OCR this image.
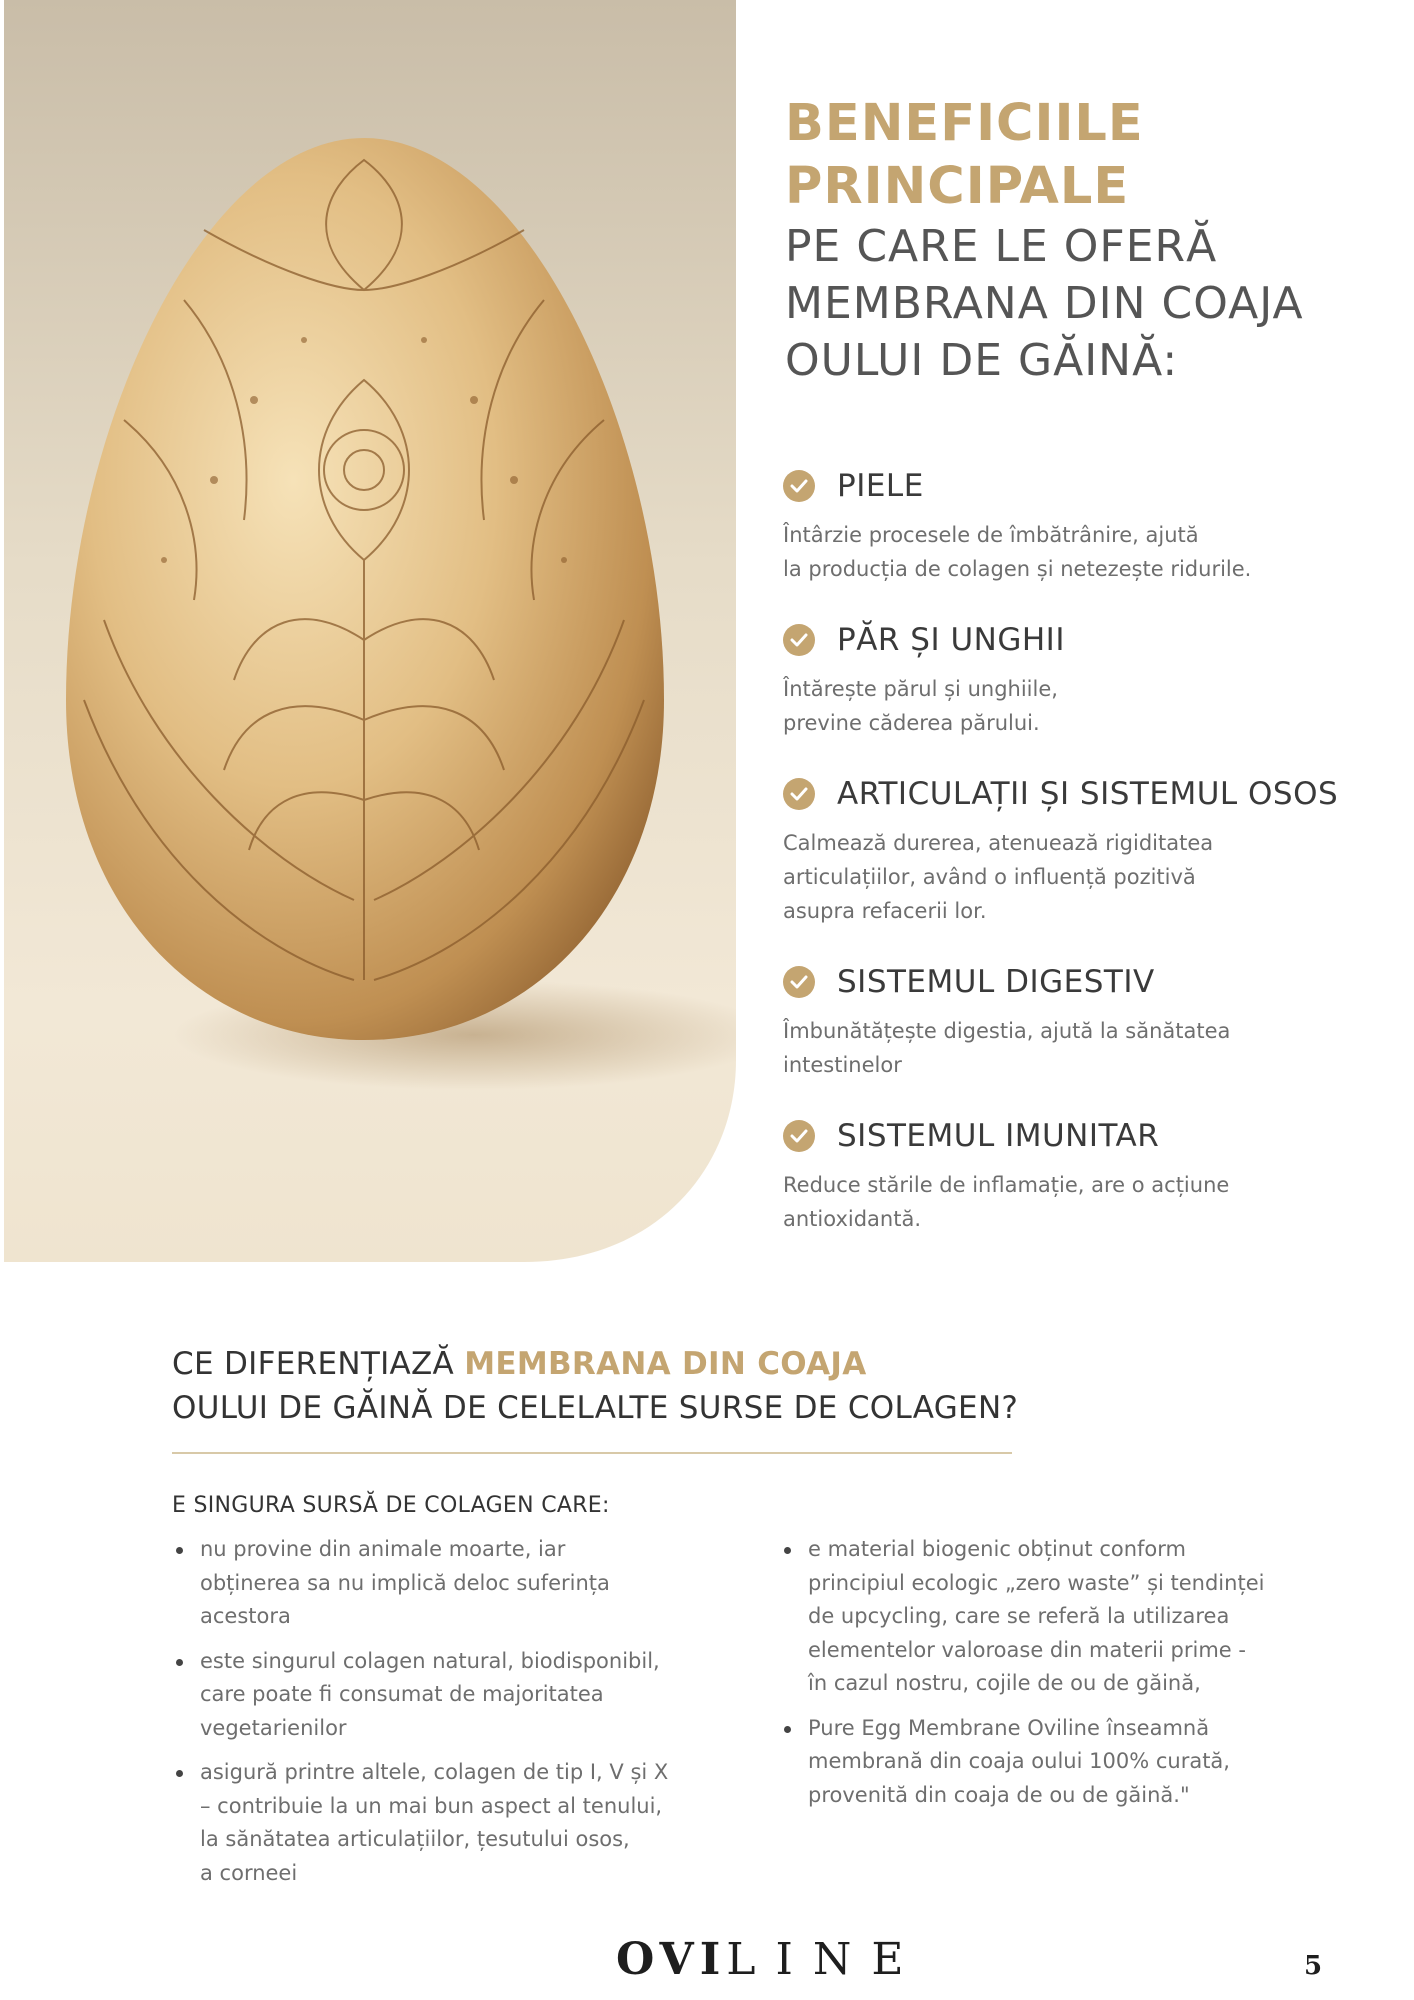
BENEFICIILE
PRINCIPALE
PE CARE LE OFERĂ
MEMBRANA DIN COAJA
OULUI DE GĂINĂ:
PIELE
Întârzie procesele de îmbătrânire, ajută
la producția de colagen și netezește ridurile.
PĂR ȘI UNGHII
Întărește părul și unghiile,
previne căderea părului.
ARTICULAȚII ȘI SISTEMUL OSOS
Calmează durerea, atenuează rigiditatea
articulațiilor, având o influență pozitivă
asupra refacerii lor.
SISTEMUL DIGESTIV
Îmbunătățește digestia, ajută la sănătatea
intestinelor
SISTEMUL IMUNITAR
Reduce stările de inflamație, are o acțiune
antioxidantă.
CE DIFERENȚIAZĂ MEMBRANA DIN COAJA
OULUI DE GĂINĂ DE CELELALTE SURSE DE COLAGEN?
E SINGURA SURSĂ DE COLAGEN CARE:
nu provine din animale moarte, iar
obținerea sa nu implică deloc suferința
acestora
este singurul colagen natural, biodisponibil,
care poate fi consumat de majoritatea
vegetarienilor
asigură printre altele, colagen de tip I, V și X
– contribuie la un mai bun aspect al tenului,
la sănătatea articulațiilor, țesutului osos,
a corneei
e material biogenic obținut conform
principiul ecologic „zero waste” și tendinței
de upcycling, care se referă la utilizarea
elementelor valoroase din materii prime -
în cazul nostru, cojile de ou de găină,
Pure Egg Membrane Oviline înseamnă
membrană din coaja oului 100% curată,
provenită din coaja de ou de găină."
OVILINE	5
